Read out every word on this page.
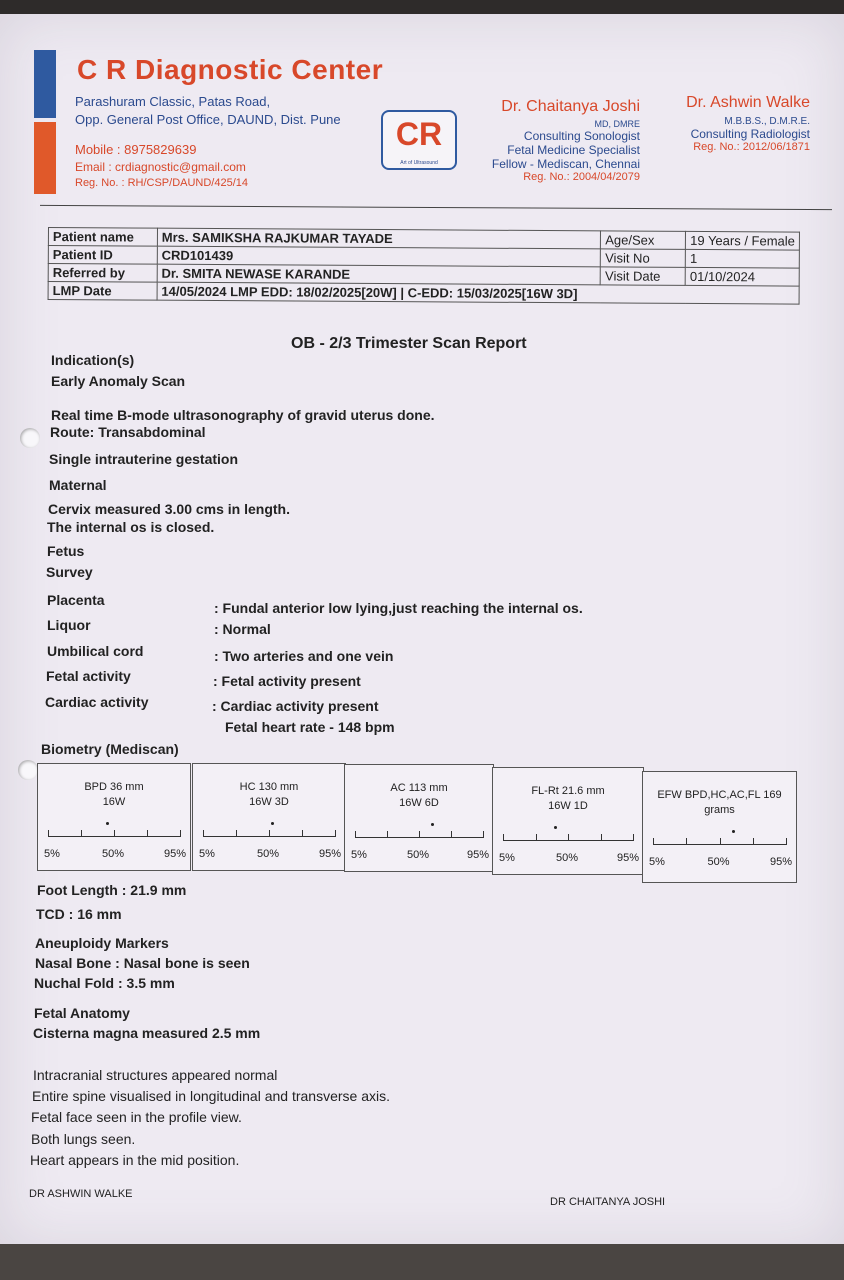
C R Diagnostic Center
Parashuram Classic, Patas Road,
Opp. General Post Office, DAUND, Dist. Pune
Mobile : 8975829639
Email : crdiagnostic@gmail.com
Reg. No. : RH/CSP/DAUND/425/14
CR
Art of Ultrasound
Dr. Chaitanya Joshi
MD, DMRE
Consulting Sonologist
Fetal Medicine Specialist
Fellow - Mediscan, Chennai
Reg. No.: 2004/04/2079
Dr. Ashwin Walke
M.B.B.S., D.M.R.E.
Consulting Radiologist
Reg. No.: 2012/06/1871
Patient name	Mrs. SAMIKSHA RAJKUMAR TAYADE	Age/Sex	19 Years / Female
Patient ID	CRD101439	Visit No	1
Referred by	Dr. SMITA NEWASE KARANDE	Visit Date	01/10/2024
LMP Date	14/05/2024 LMP EDD: 18/02/2025[20W] | C-EDD: 15/03/2025[16W 3D]		
OB - 2/3 Trimester Scan Report
Indication(s)
Early Anomaly Scan
Real time B-mode ultrasonography of gravid uterus done.
Route: Transabdominal
Single intrauterine gestation
Maternal
Cervix measured 3.00 cms in length.
The internal os is closed.
Fetus
Survey
Placenta	: Fundal anterior low lying,just reaching the internal os.
Liquor	: Normal
Umbilical cord	: Two arteries and one vein
Fetal activity	: Fetal activity present
Cardiac activity	: Cardiac activity present
Fetal heart rate - 148 bpm
Biometry (Mediscan)
BPD 36 mm
16W
5%	50%	95%
HC 130 mm
16W 3D
5%	50%	95%
AC 113 mm
16W 6D
5%	50%	95%
FL-Rt 21.6 mm
16W 1D
5%	50%	95%
EFW BPD,HC,AC,FL 169
grams
5%	50%	95%
Foot Length : 21.9 mm
TCD : 16 mm
Aneuploidy Markers
Nasal Bone : Nasal bone is seen
Nuchal Fold : 3.5 mm
Fetal Anatomy
Cisterna magna measured 2.5 mm
Intracranial structures appeared normal
Entire spine visualised in longitudinal and transverse axis.
Fetal face seen in the profile view.
Both lungs seen.
Heart appears in the mid position.
DR ASHWIN WALKE
DR CHAITANYA JOSHI
